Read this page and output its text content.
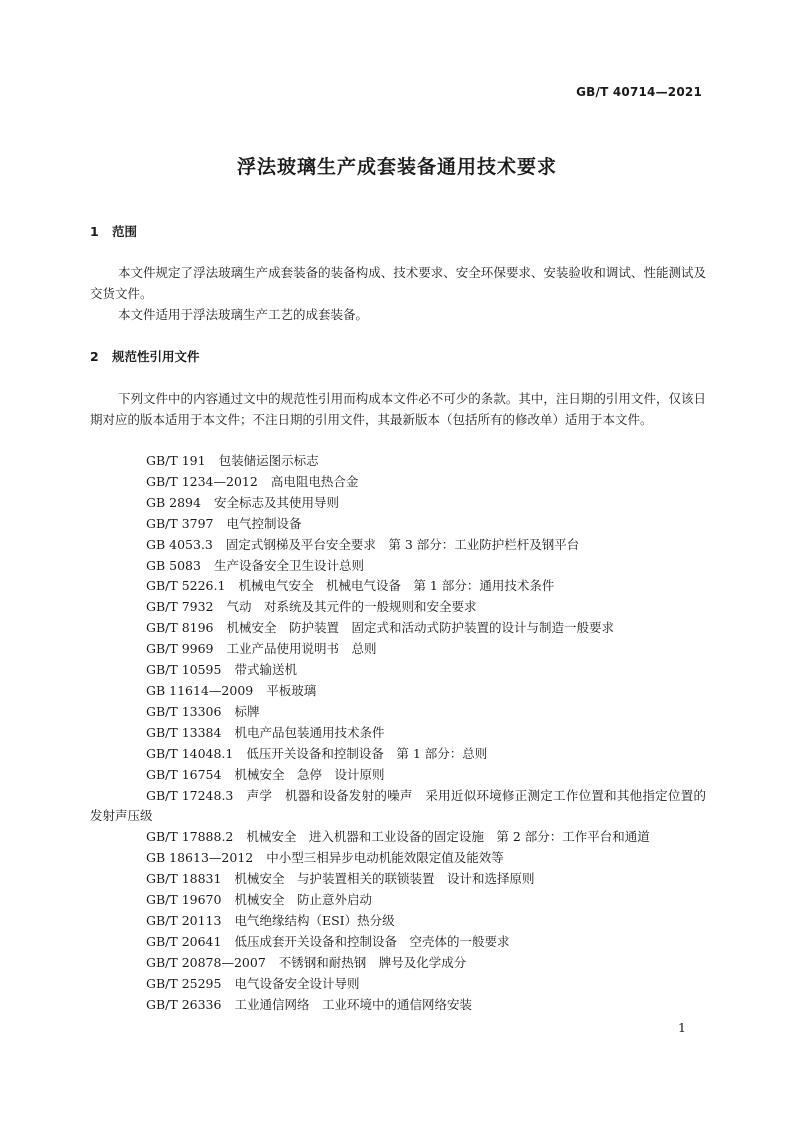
GB/T 40714—2021
浮法玻璃生产成套装备通用技术要求
1 范围
本文件规定了浮法玻璃生产成套装备的装备构成、技术要求、安全环保要求、安装验收和调试、性能测试及交货文件。
本文件适用于浮法玻璃生产工艺的成套装备。
2 规范性引用文件
下列文件中的内容通过文中的规范性引用而构成本文件必不可少的条款。其中，注日期的引用文件，仅该日期对应的版本适用于本文件；不注日期的引用文件，其最新版本（包括所有的修改单）适用于本文件。
GB/T 191 包装储运图示标志
GB/T 1234—2012 高电阻电热合金
GB 2894 安全标志及其使用导则
GB/T 3797 电气控制设备
GB 4053.3 固定式钢梯及平台安全要求　第 3 部分：工业防护栏杆及钢平台
GB 5083 生产设备安全卫生设计总则
GB/T 5226.1 机械电气安全　机械电气设备　第 1 部分：通用技术条件
GB/T 7932 气动　对系统及其元件的一般规则和安全要求
GB/T 8196 机械安全　防护装置　固定式和活动式防护装置的设计与制造一般要求
GB/T 9969 工业产品使用说明书　总则
GB/T 10595 带式输送机
GB 11614—2009 平板玻璃
GB/T 13306 标牌
GB/T 13384 机电产品包装通用技术条件
GB/T 14048.1 低压开关设备和控制设备　第 1 部分：总则
GB/T 16754 机械安全　急停　设计原则
GB/T 17248.3 声学　机器和设备发射的噪声　采用近似环境修正测定工作位置和其他指定位置的发射声压级
GB/T 17888.2 机械安全　进入机器和工业设备的固定设施　第 2 部分：工作平台和通道
GB 18613—2012 中小型三相异步电动机能效限定值及能效等
GB/T 18831 机械安全　与护装置相关的联锁装置　设计和选择原则
GB/T 19670 机械安全　防止意外启动
GB/T 20113 电气绝缘结构（ESI）热分级
GB/T 20641 低压成套开关设备和控制设备　空壳体的一般要求
GB/T 20878—2007 不锈钢和耐热钢　牌号及化学成分
GB/T 25295 电气设备安全设计导则
GB/T 26336 工业通信网络　工业环境中的通信网络安装
1
